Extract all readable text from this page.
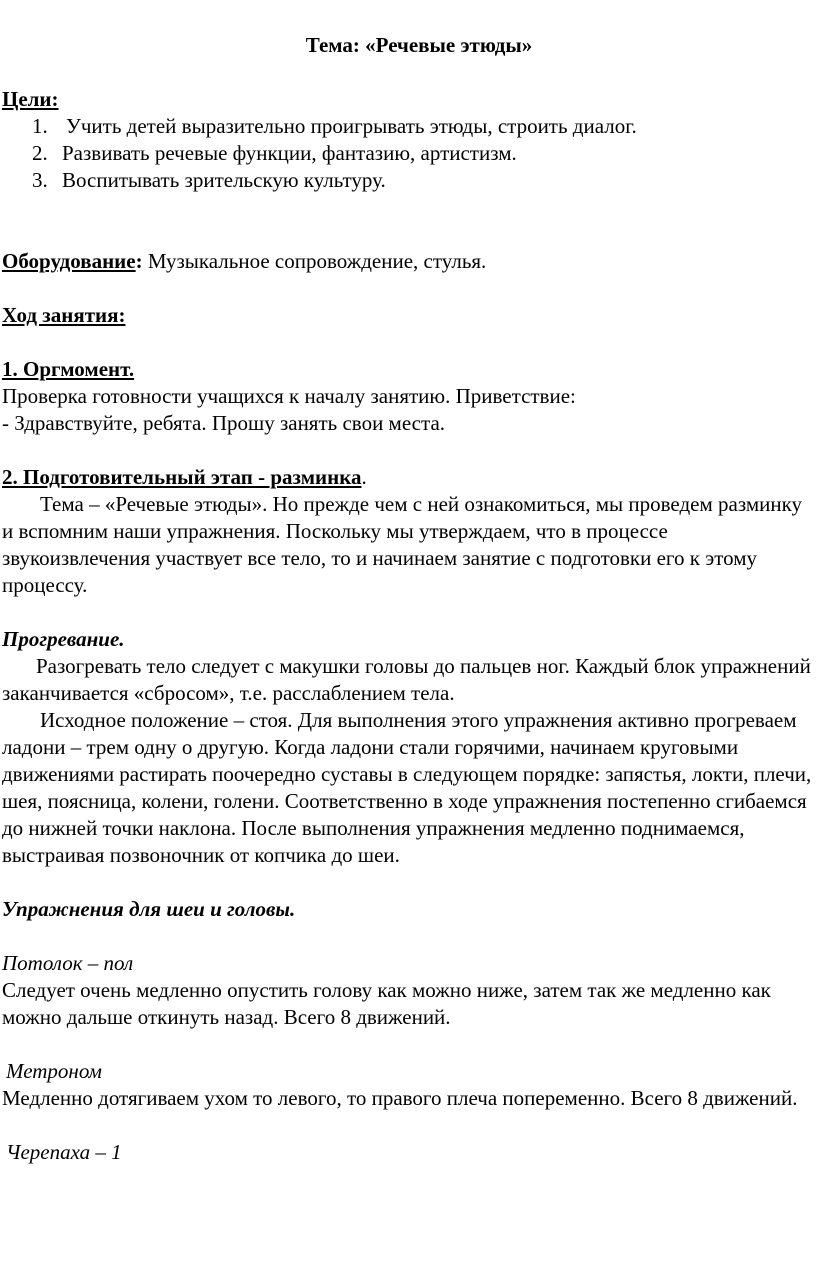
Тема: «Речевые этюды»

Цели:

1. Учить детей выразительно проигрывать этюды, строить диалог.
2. Развивать речевые функции, фантазию, артистизм.
3. Воспитывать зрительскую культуру.

Оборудование: Музыкальное сопровождение, стулья.

Ход занятия:

1. Оргмомент.

Проверка готовности учащихся к началу занятию. Приветствие:

- Здравствуйте, ребята. Прошу занять свои места.

2. Подготовительный этап - разминка.

Тема – «Речевые этюды». Но прежде чем с ней ознакомиться, мы проведем разминку и вспомним наши упражнения. Поскольку мы утверждаем, что в процессе звукоизвлечения участвует все тело, то и начинаем занятие с подготовки его к этому процессу.

Прогревание.

Разогревать тело следует с макушки головы до пальцев ног. Каждый блок упражнений заканчивается «сбросом», т.е. расслаблением тела.

Исходное положение – стоя. Для выполнения этого упражнения активно прогреваем ладони – трем одну о другую. Когда ладони стали горячими, начинаем круговыми движениями растирать поочередно суставы в следующем порядке: запястья, локти, плечи, шея, поясница, колени, голени. Соответственно в ходе упражнения постепенно сгибаемся до нижней точки наклона. После выполнения упражнения медленно поднимаемся, выстраивая позвоночник от копчика до шеи.

Упражнения для шеи и головы.

Потолок – пол

Следует очень медленно опустить голову как можно ниже, затем так же медленно как можно дальше откинуть назад. Всего 8 движений.

Метроном

Медленно дотягиваем ухом то левого, то правого плеча попеременно. Всего 8 движений.

Черепаха – 1
